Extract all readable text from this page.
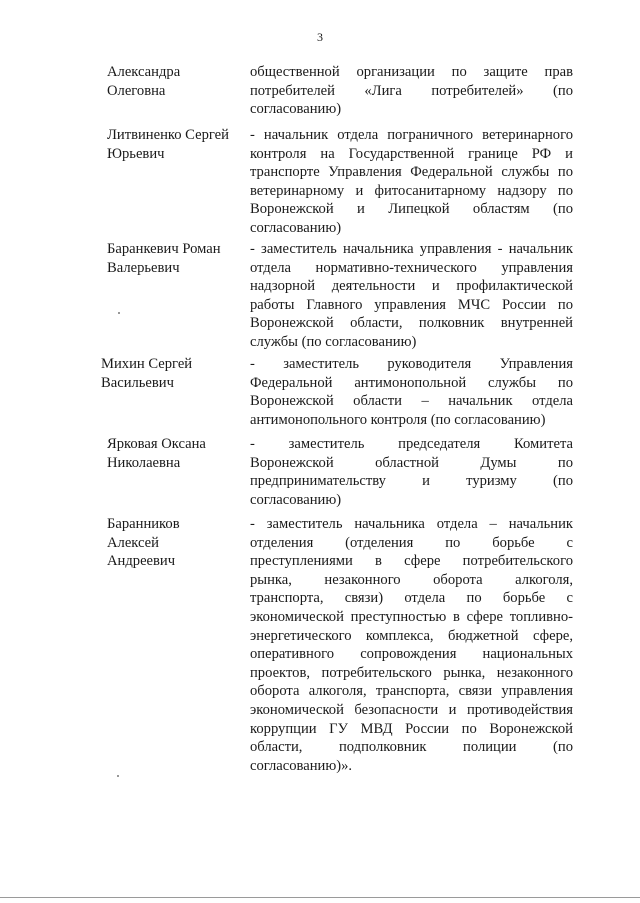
3
Александра
Олеговна
общественной организации по защите прав
потребителей «Лига потребителей» (по
согласованию)
Литвиненко Сергей
Юрьевич
- начальник отдела пограничного ветеринарного
контроля на Государственной границе РФ и
транспорте Управления Федеральной службы по
ветеринарному и фитосанитарному надзору по
Воронежской и Липецкой областям (по
согласованию)
Баранкевич Роман
Валерьевич
- заместитель начальника управления - начальник
отдела нормативно-технического управления
надзорной деятельности и профилактической
работы Главного управления МЧС России по
Воронежской области, полковник внутренней
службы (по согласованию)
Михин Сергей
Васильевич
- заместитель руководителя Управления
Федеральной антимонопольной службы по
Воронежской области – начальник отдела
антимонопольного контроля (по согласованию)
Ярковая Оксана
Николаевна
- заместитель председателя Комитета
Воронежской областной Думы по
предпринимательству и туризму (по
согласованию)
Баранников
Алексей
Андреевич
- заместитель начальника отдела – начальник
отделения (отделения по борьбе с
преступлениями в сфере потребительского
рынка, незаконного оборота алкоголя,
транспорта, связи) отдела по борьбе с
экономической преступностью в сфере топливно-
энергетического комплекса, бюджетной сфере,
оперативного сопровождения национальных
проектов, потребительского рынка, незаконного
оборота алкоголя, транспорта, связи управления
экономической безопасности и противодействия
коррупции ГУ МВД России по Воронежской
области, подполковник полиции (по
согласованию)».
